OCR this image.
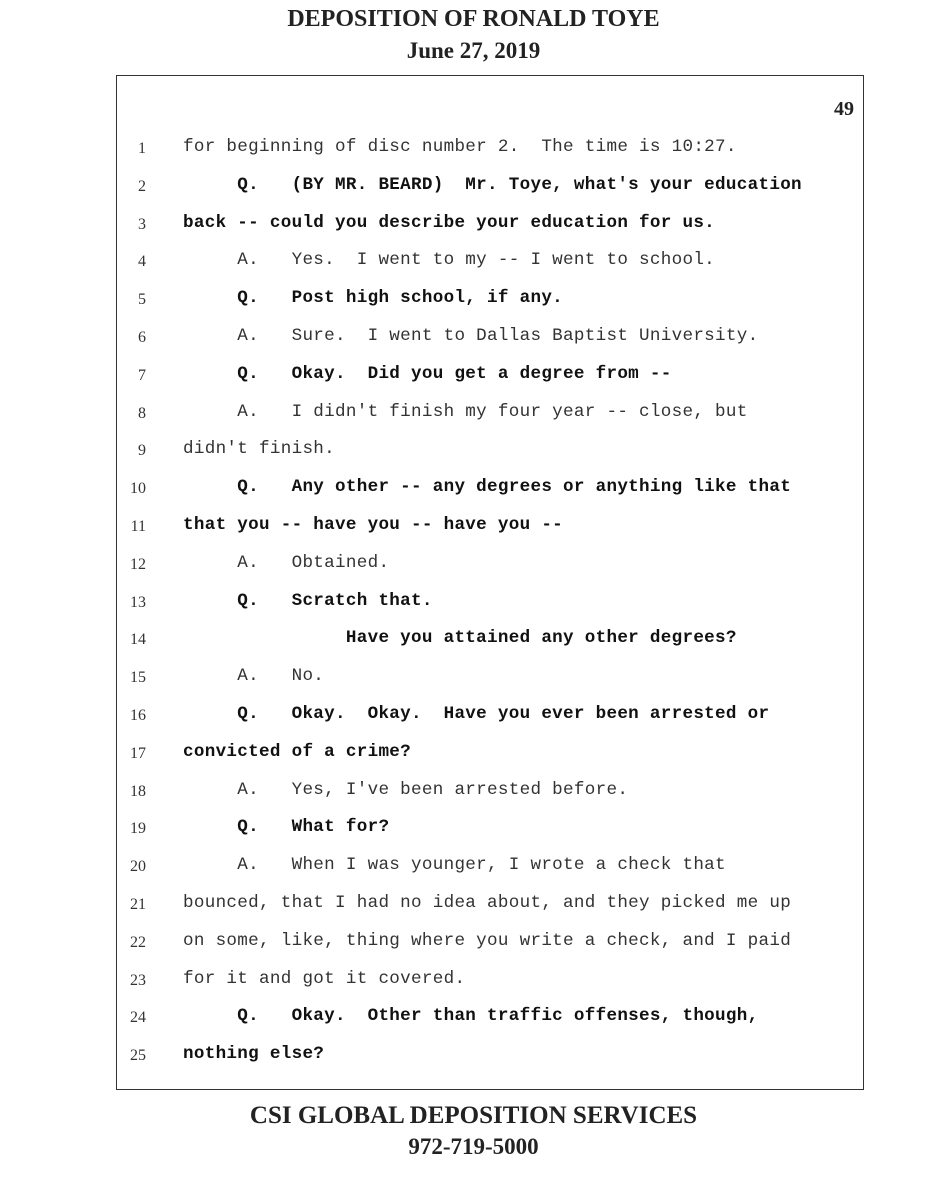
DEPOSITION OF RONALD TOYE
June 27, 2019
49
1 for beginning of disc number 2.  The time is 10:27.
2 Q.   (BY MR. BEARD)  Mr. Toye, what's your education
3 back -- could you describe your education for us.
4 A.   Yes.  I went to my -- I went to school.
5 Q.   Post high school, if any.
6 A.   Sure.  I went to Dallas Baptist University.
7 Q.   Okay.  Did you get a degree from --
8 A.   I didn't finish my four year -- close, but
9 didn't finish.
10 Q.   Any other -- any degrees or anything like that
11 that you -- have you -- have you --
12 A.   Obtained.
13 Q.   Scratch that.
14 Have you attained any other degrees?
15 A.   No.
16 Q.   Okay.  Okay.  Have you ever been arrested or
17 convicted of a crime?
18 A.   Yes, I've been arrested before.
19 Q.   What for?
20 A.   When I was younger, I wrote a check that
21 bounced, that I had no idea about, and they picked me up
22 on some, like, thing where you write a check, and I paid
23 for it and got it covered.
24 Q.   Okay.  Other than traffic offenses, though,
25 nothing else?
CSI GLOBAL DEPOSITION SERVICES
972-719-5000
